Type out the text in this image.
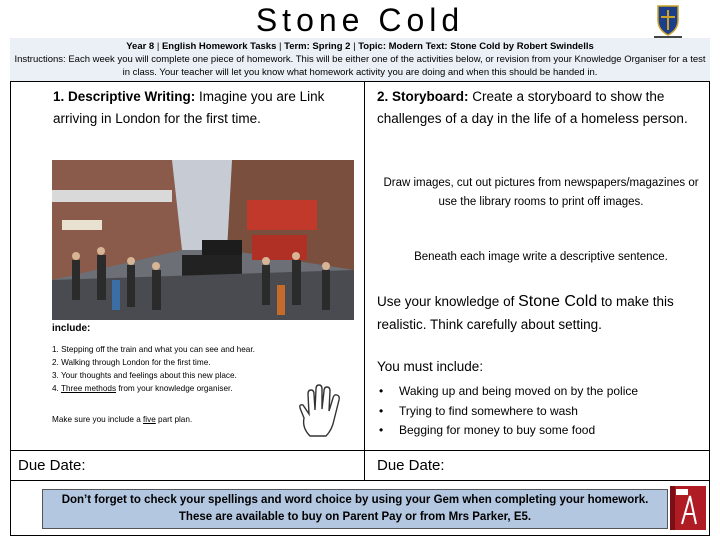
Stone Cold
Year 8 | English Homework Tasks | Term: Spring 2 | Topic: Modern Text: Stone Cold by Robert Swindells
Instructions: Each week you will complete one piece of homework. This will be either one of the activities below, or revision from your Knowledge Organiser for a test in class. Your teacher will let you know what homework activity you are doing and when this should be handed in.
1. Descriptive Writing: Imagine you are Link arriving in London for the first time.
include:
1. Stepping off the train and what you can see and hear.
2. Walking through London for the first time.
3. Your thoughts and feelings about this new place.
4. Three methods from your knowledge organiser.
Make sure you include a five part plan.
Due Date:
2. Storyboard: Create a storyboard to show the challenges of a day in the life of a homeless person.
Draw images, cut out pictures from newspapers/magazines or use the library rooms to print off images.
Beneath each image write a descriptive sentence.
Use your knowledge of Stone Cold to make this realistic. Think carefully about setting.
You must include:
• Waking up and being moved on by the police
• Trying to find somewhere to wash
• Begging for money to buy some food
Due Date:
Don’t forget to check your spellings and word choice by using your Gem when completing your homework.
These are available to buy on Parent Pay or from Mrs Parker, E5.
